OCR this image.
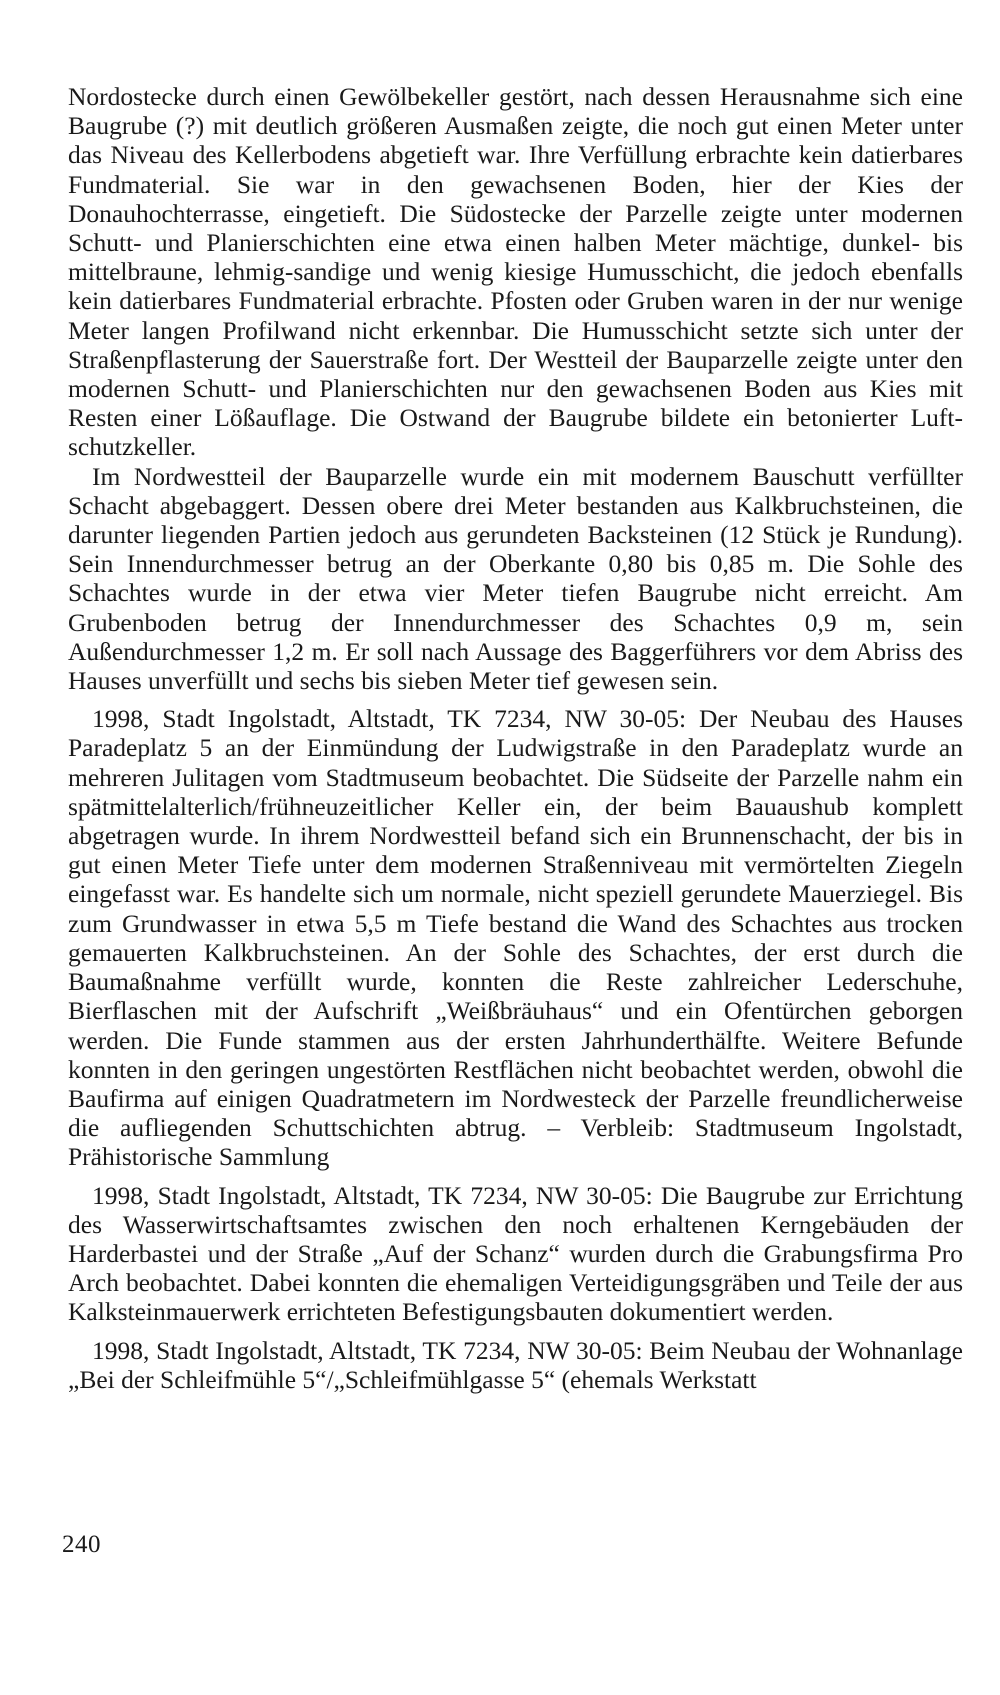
Nordostecke durch einen Gewölbekeller gestört, nach dessen Herausnahme sich eine Baugrube (?) mit deutlich größeren Ausmaßen zeigte, die noch gut einen Meter unter das Niveau des Kellerbodens abgetieft war. Ihre Verfüllung erbrachte kein datierbares Fundmaterial. Sie war in den gewachsenen Boden, hier der Kies der Donauhochterrasse, eingetieft. Die Südostecke der Parzelle zeigte unter modernen Schutt- und Planierschichten eine etwa einen halben Meter mächtige, dunkel- bis mittelbraune, lehmig-sandige und wenig kiesige Humusschicht, die jedoch ebenfalls kein datierbares Fundmaterial erbrachte. Pfosten oder Gruben waren in der nur wenige Meter langen Profilwand nicht erkennbar. Die Humusschicht setzte sich unter der Straßenpflasterung der Sauerstraße fort. Der Westteil der Bauparzelle zeigte unter den modernen Schutt- und Planierschichten nur den gewachsenen Boden aus Kies mit Resten einer Lößauflage. Die Ostwand der Baugrube bildete ein betonierter Luftschutzkeller.

Im Nordwestteil der Bauparzelle wurde ein mit modernem Bauschutt verfüllter Schacht abgebaggert. Dessen obere drei Meter bestanden aus Kalkbruchsteinen, die darunter liegenden Partien jedoch aus gerundeten Backsteinen (12 Stück je Rundung). Sein Innendurchmesser betrug an der Oberkante 0,80 bis 0,85 m. Die Sohle des Schachtes wurde in der etwa vier Meter tiefen Baugrube nicht erreicht. Am Grubenboden betrug der Innendurchmesser des Schachtes 0,9 m, sein Außendurchmesser 1,2 m. Er soll nach Aussage des Baggerführers vor dem Abriss des Hauses unverfüllt und sechs bis sieben Meter tief gewesen sein.

1998, Stadt Ingolstadt, Altstadt, TK 7234, NW 30-05: Der Neubau des Hauses Paradeplatz 5 an der Einmündung der Ludwigstraße in den Paradeplatz wurde an mehreren Julitagen vom Stadtmuseum beobachtet. Die Südseite der Parzelle nahm ein spätmittelalterlich/frühneuzeitlicher Keller ein, der beim Bauaushub komplett abgetragen wurde. In ihrem Nordwestteil befand sich ein Brunnenschacht, der bis in gut einen Meter Tiefe unter dem modernen Straßenniveau mit vermörtelten Ziegeln eingefasst war. Es handelte sich um normale, nicht speziell gerundete Mauerziegel. Bis zum Grundwasser in etwa 5,5 m Tiefe bestand die Wand des Schachtes aus trocken gemauerten Kalkbruchsteinen. An der Sohle des Schachtes, der erst durch die Baumaßnahme verfüllt wurde, konnten die Reste zahlreicher Lederschuhe, Bierflaschen mit der Aufschrift „Weißbräuhaus“ und ein Ofentürchen geborgen werden. Die Funde stammen aus der ersten Jahrhunderthälfte. Weitere Befunde konnten in den geringen ungestörten Restflächen nicht beobachtet werden, obwohl die Baufirma auf einigen Quadratmetern im Nordwesteck der Parzelle freundlicherweise die aufliegenden Schuttschichten abtrug. – Verbleib: Stadtmuseum Ingolstadt, Prähistorische Sammlung

1998, Stadt Ingolstadt, Altstadt, TK 7234, NW 30-05: Die Baugrube zur Errichtung des Wasserwirtschaftsamtes zwischen den noch erhaltenen Kerngebäuden der Harderbastei und der Straße „Auf der Schanz“ wurden durch die Grabungsfirma Pro Arch beobachtet. Dabei konnten die ehemaligen Verteidigungsgräben und Teile der aus Kalksteinmauerwerk errichteten Befestigungsbauten dokumentiert werden.

1998, Stadt Ingolstadt, Altstadt, TK 7234, NW 30-05: Beim Neubau der Wohnanlage „Bei der Schleifmühle 5“/„Schleifmühlgasse 5“ (ehemals Werkstatt

240
